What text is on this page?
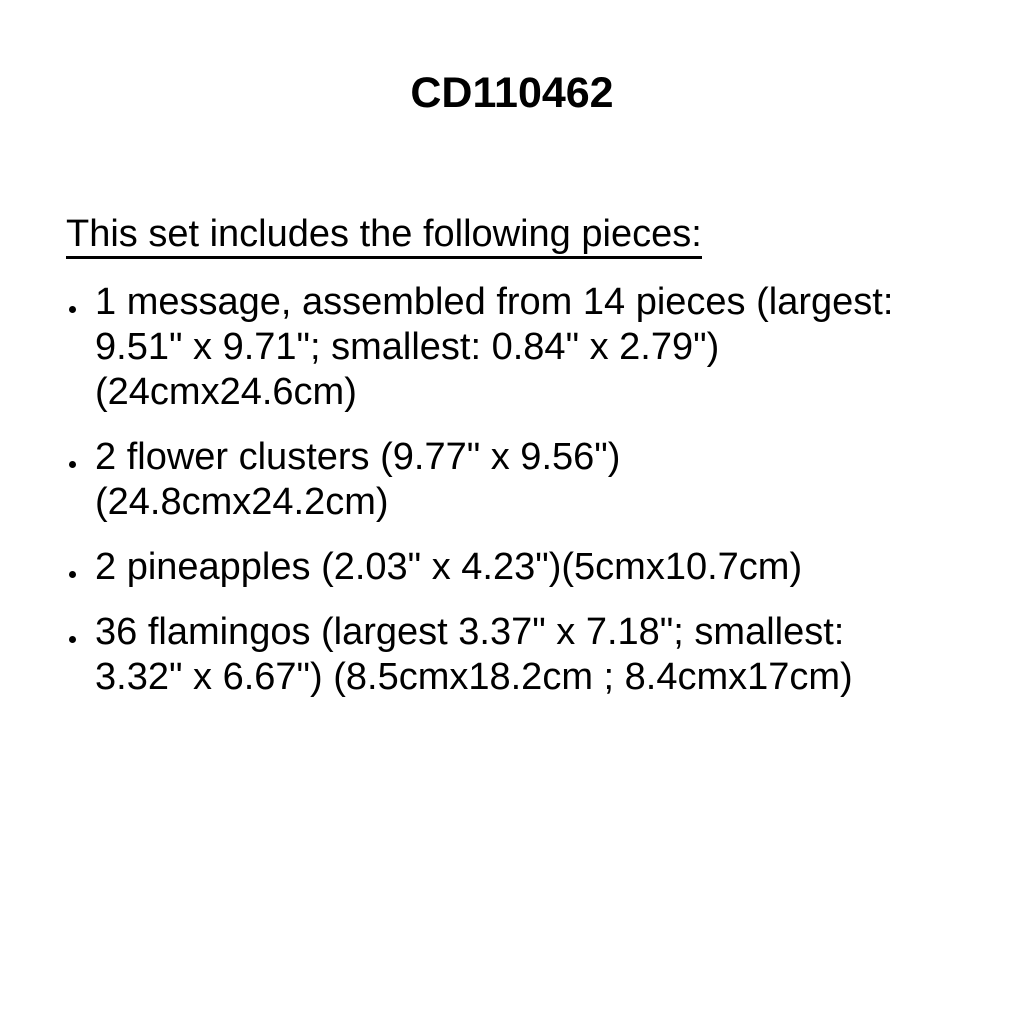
CD110462
This set includes the following pieces:
1 message, assembled from 14 pieces (largest:
9.51" x 9.71"; smallest: 0.84" x 2.79")
(24cmx24.6cm)
2 flower clusters (9.77" x 9.56")
(24.8cmx24.2cm)
2 pineapples (2.03" x 4.23")(5cmx10.7cm)
36 flamingos (largest 3.37" x 7.18"; smallest:
3.32" x 6.67") (8.5cmx18.2cm ; 8.4cmx17cm)
